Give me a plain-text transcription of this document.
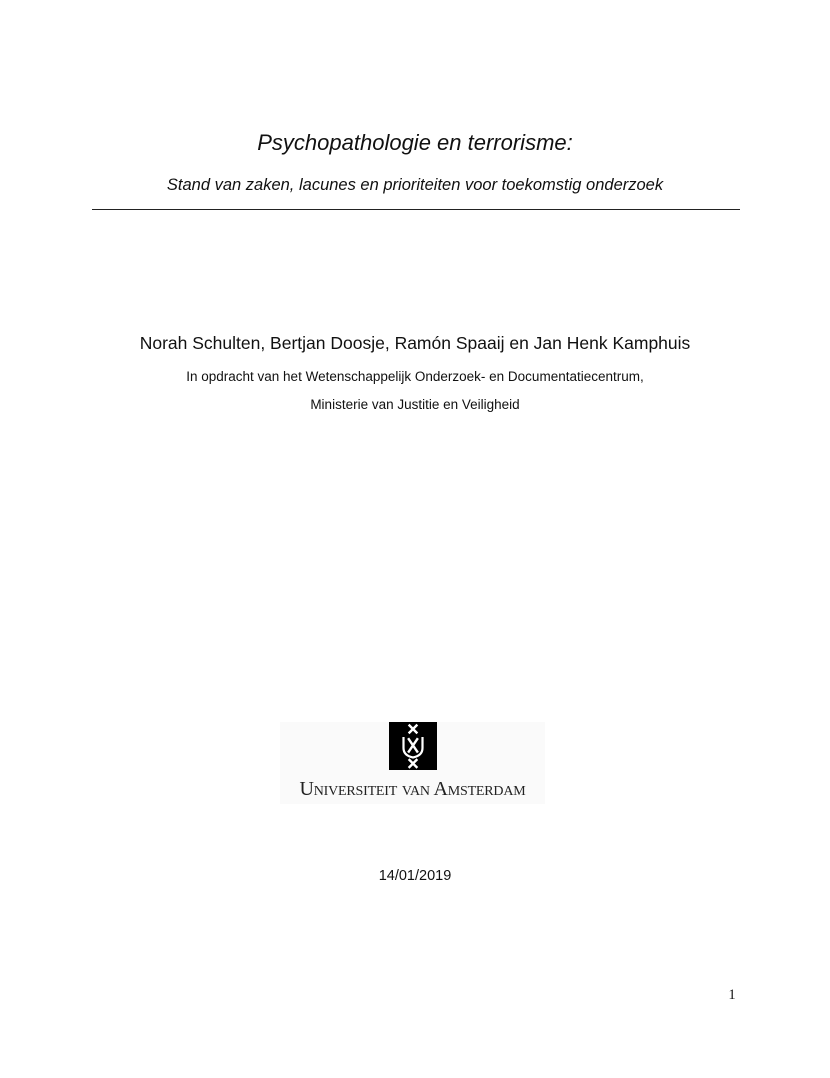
Psychopathologie en terrorisme:
Stand van zaken, lacunes en prioriteiten voor toekomstig onderzoek
Norah Schulten, Bertjan Doosje, Ramón Spaaij en Jan Henk Kamphuis
In opdracht van het Wetenschappelijk Onderzoek- en Documentatiecentrum,
Ministerie van Justitie en Veiligheid
Universiteit van Amsterdam
14/01/2019
1
